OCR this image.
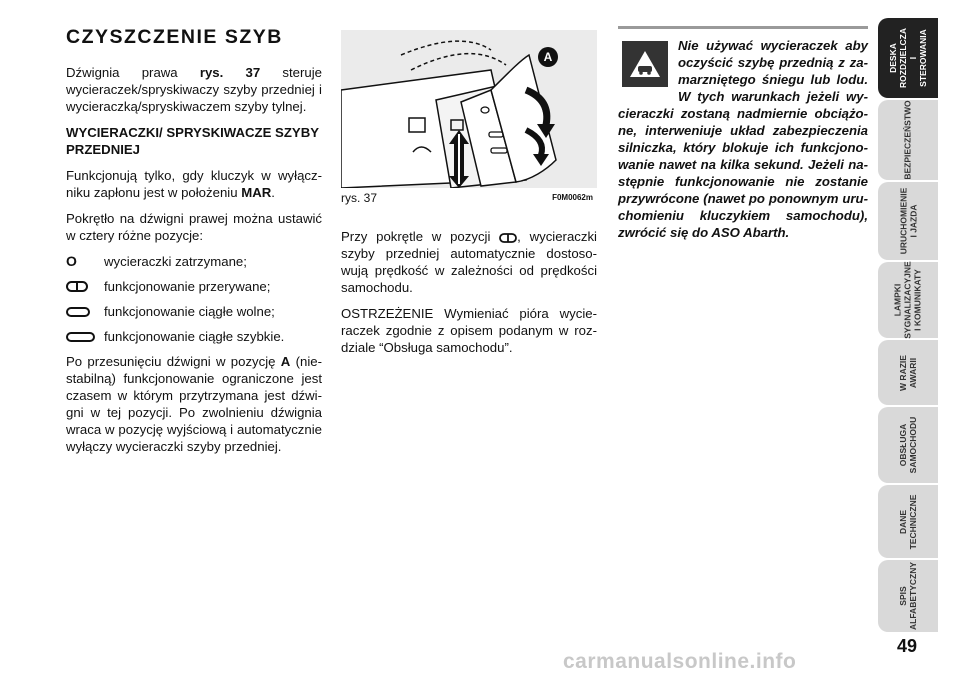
CZYSZCZENIE SZYB

Dźwignia prawa rys. 37 steruje wycieraczek/spryskiwaczy szyby przedniej i wycieraczką/spryskiwaczem szyby tylnej.

WYCIERACZKI/ SPRYSKIWACZE SZYBY PRZEDNIEJ

Funkcjonują tylko, gdy kluczyk w wyłączniku zapłonu jest w położeniu MAR.

Pokrętło na dźwigni prawej można ustawić w cztery różne pozycje:

O wycieraczki zatrzymane;
funkcjonowanie przerywane;
funkcjonowanie ciągłe wolne;
funkcjonowanie ciągłe szybkie.

Po przesunięciu dźwigni w pozycję A (niestabilną) funkcjonowanie ograniczone jest czasem w którym przytrzymana jest dźwigni w tej pozycji. Po zwolnieniu dźwignia wraca w pozycję wyjściową i automatycznie wyłączy wycieraczki szyby przedniej.

A
rys. 37	F0M0062m

Przy pokrętle w pozycji , wycieraczki szyby przedniej automatycznie dostosowują prędkość w zależności od prędkości samochodu.

OSTRZEŻENIE Wymieniać pióra wycieraczek zgodnie z opisem podanym w rozdziale “Obsługa samochodu”.

Nie używać wycieraczek aby oczyścić szybę przednią z zamarzniętego śniegu lub lodu. W tych warunkach jeżeli wycieraczki zostaną nadmiernie obciążone, interweniuje układ zabezpieczenia silniczka, który blokuje ich funkcjonowanie nawet na kilka sekund. Jeżeli następnie funkcjonowanie nie zostanie przywrócone (nawet po ponownym uruchomieniu kluczykiem samochodu), zwrócić się do ASO Abarth.

DESKA ROZDZIELCZA
I STEROWANIA
BEZPIECZEŃSTWO
URUCHOMIENIE
I JAZDA
LAMPKI
SYGNALIZACYJNE
I KOMUNIKATY
W RAZIE AWARII
OBSŁUGA
SAMOCHODU
DANE
TECHNICZNE
SPIS
ALFABETYCZNY
49
carmanualsonline.info
